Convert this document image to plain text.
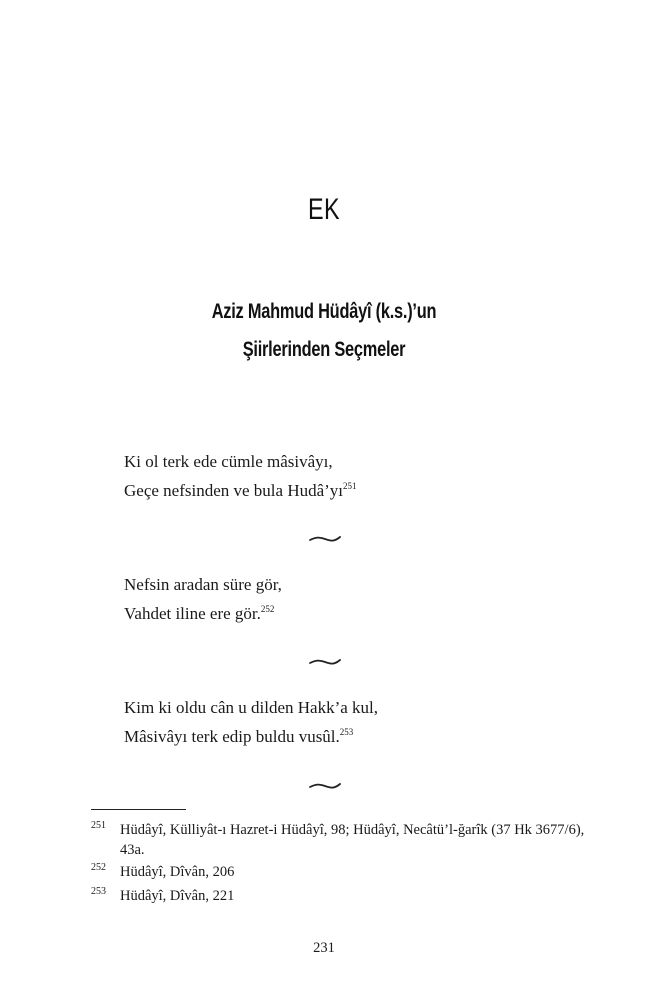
EK
Aziz Mahmud Hüdâyî (k.s.)’un
Şiirlerinden Seçmeler
Ki ol terk ede cümle mâsivâyı,
Geçe nefsinden ve bula $Hudâ’yı^{251}$
Nefsin aradan süre gör,
Vahdet iline ere gör.$^{252}$
Kim ki oldu cân u dilden Hakk’a kul,
Mâsivâyı terk edip buldu vusûl.$^{253}$
251 Hüdâyî, Külliyât-ı Hazret-i Hüdâyî, 98; Hüdâyî, Necâtü’l-ğarîk (37 Hk 3677/6), 43a.
252 Hüdâyî, Dîvân, 206
253 Hüdâyî, Dîvân, 221
231
